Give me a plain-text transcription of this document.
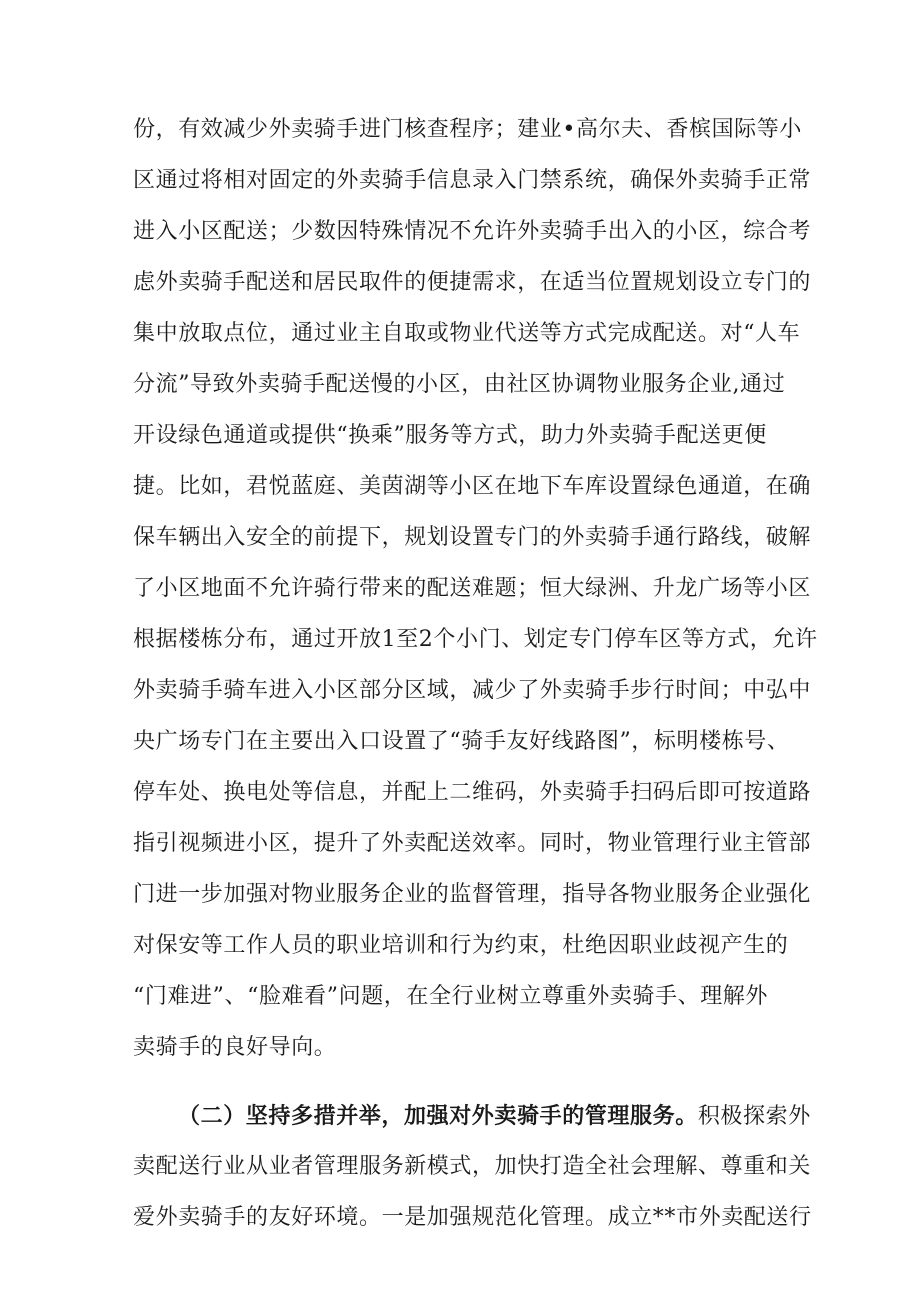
份，有效减少外卖骑手进门核查程序；建业•高尔夫、香槟国际等小

区通过将相对固定的外卖骑手信息录入门禁系统，确保外卖骑手正常

进入小区配送；少数因特殊情况不允许外卖骑手出入的小区，综合考

虑外卖骑手配送和居民取件的便捷需求，在适当位置规划设立专门的

集中放取点位，通过业主自取或物业代送等方式完成配送。对“人车

分流”导致外卖骑手配送慢的小区，由社区协调物业服务企业,通过

开设绿色通道或提供“换乘”服务等方式，助力外卖骑手配送更便

捷。比如，君悦蓝庭、美茵湖等小区在地下车库设置绿色通道，在确

保车辆出入安全的前提下，规划设置专门的外卖骑手通行路线，破解

了小区地面不允许骑行带来的配送难题；恒大绿洲、升龙广场等小区

根据楼栋分布，通过开放1至2个小门、划定专门停车区等方式，允许

外卖骑手骑车进入小区部分区域，减少了外卖骑手步行时间；中弘中

央广场专门在主要出入口设置了“骑手友好线路图”，标明楼栋号、

停车处、换电处等信息，并配上二维码，外卖骑手扫码后即可按道路

指引视频进小区，提升了外卖配送效率。同时，物业管理行业主管部

门进一步加强对物业服务企业的监督管理，指导各物业服务企业强化

对保安等工作人员的职业培训和行为约束，杜绝因职业歧视产生的

“门难进”、“脸难看”问题，在全行业树立尊重外卖骑手、理解外

卖骑手的良好导向。

（二）坚持多措并举，加强对外卖骑手的管理服务。积极探索外

卖配送行业从业者管理服务新模式，加快打造全社会理解、尊重和关

爱外卖骑手的友好环境。一是加强规范化管理。成立**市外卖配送行
